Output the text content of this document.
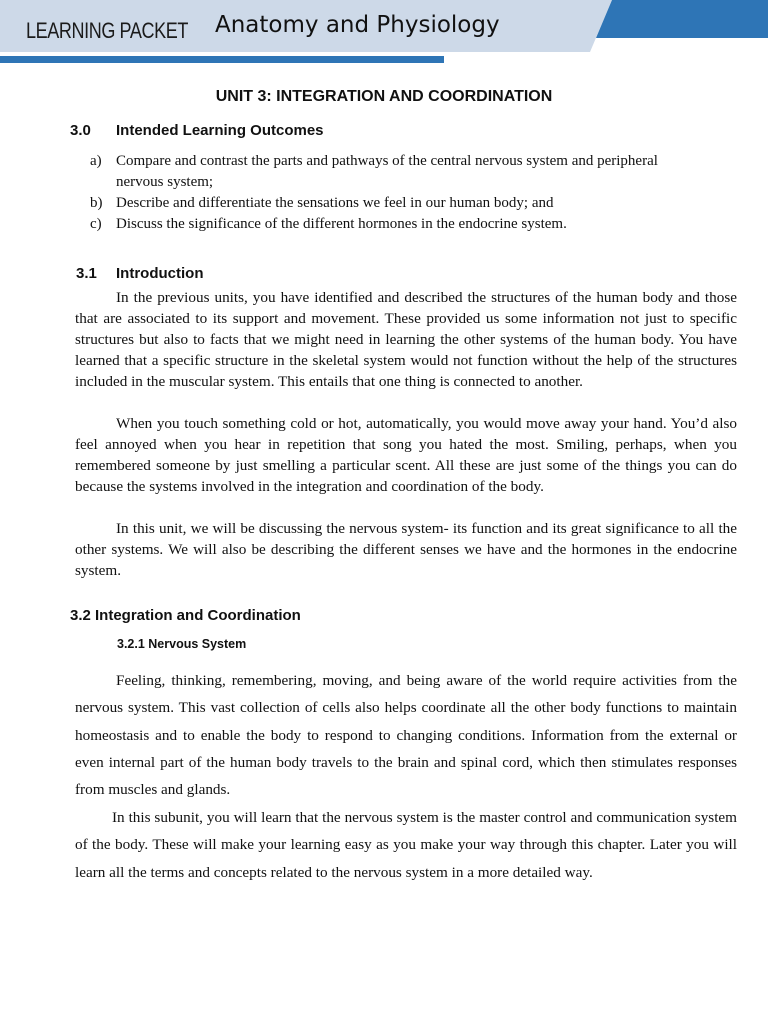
LEARNING PACKET Anatomy and Physiology
UNIT 3: INTEGRATION AND COORDINATION
3.0 Intended Learning Outcomes
a) Compare and contrast the parts and pathways of the central nervous system and peripheral nervous system;
b) Describe and differentiate the sensations we feel in our human body; and
c) Discuss the significance of the different hormones in the endocrine system.
3.1 Introduction

In the previous units, you have identified and described the structures of the human body and those that are associated to its support and movement. These provided us some information not just to specific structures but also to facts that we might need in learning the other systems of the human body. You have learned that a specific structure in the skeletal system would not function without the help of the structures included in the muscular system. This entails that one thing is connected to another.

When you touch something cold or hot, automatically, you would move away your hand. You’d also feel annoyed when you hear in repetition that song you hated the most. Smiling, perhaps, when you remembered someone by just smelling a particular scent. All these are just some of the things you can do because the systems involved in the integration and coordination of the body.

In this unit, we will be discussing the nervous system- its function and its great significance to all the other systems. We will also be describing the different senses we have and the hormones in the endocrine system.

3.2 Integration and Coordination
3.2.1 Nervous System

Feeling, thinking, remembering, moving, and being aware of the world require activities from the nervous system. This vast collection of cells also helps coordinate all the other body functions to maintain homeostasis and to enable the body to respond to changing conditions. Information from the external or even internal part of the human body travels to the brain and spinal cord, which then stimulates responses from muscles and glands.

In this subunit, you will learn that the nervous system is the master control and communication system of the body. These will make your learning easy as you make your way through this chapter. Later you will learn all the terms and concepts related to the nervous system in a more detailed way.
